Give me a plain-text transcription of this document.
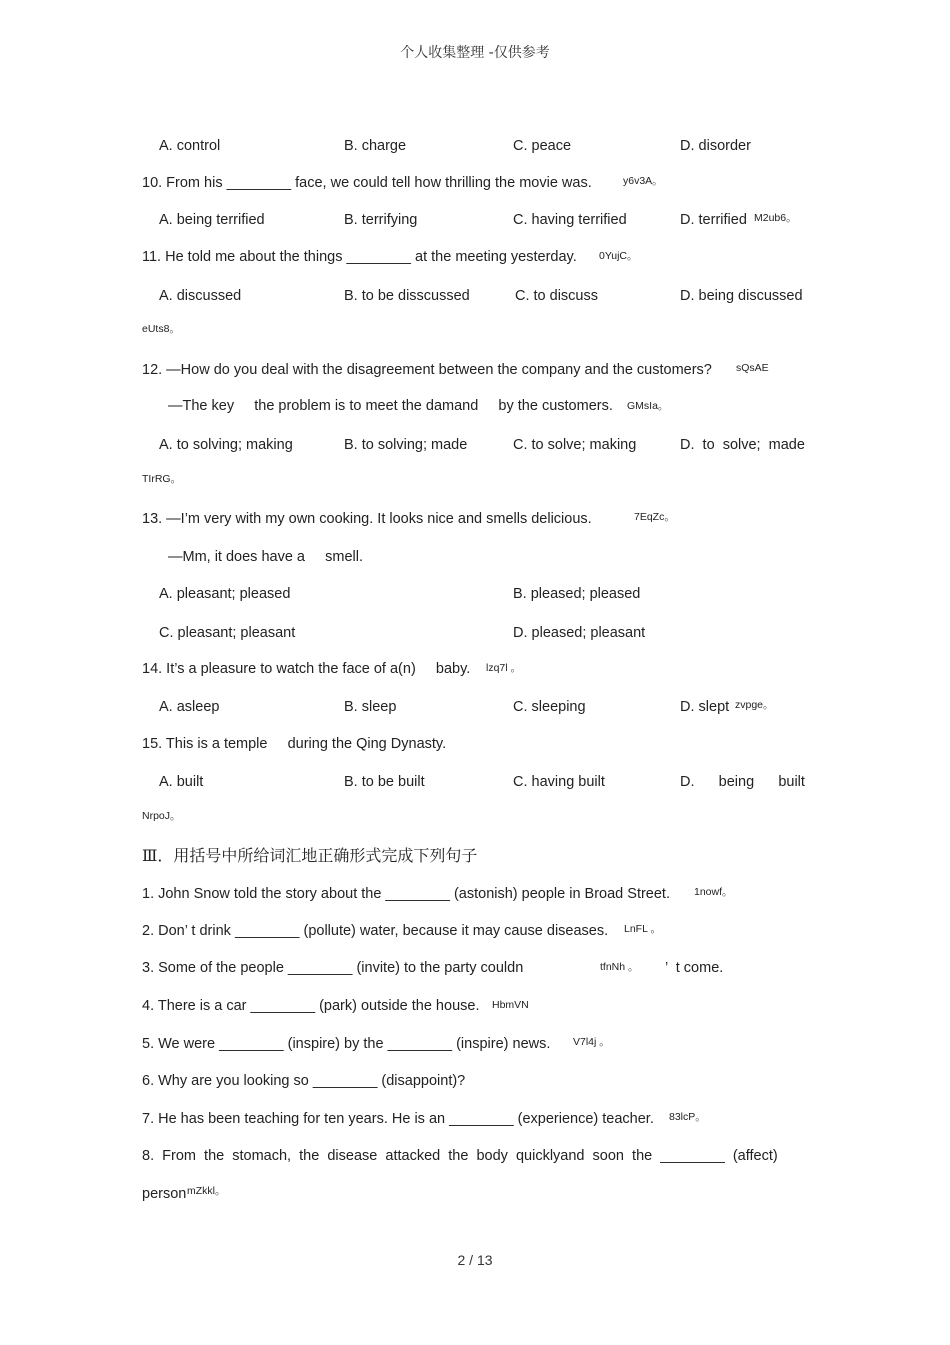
个人收集整理 -仅供参考
A. control	B. charge	C. peace	D. disorder
10. From his ________ face, we could tell how thrilling the movie was.	y6v3A。
A. being terrified	B. terrifying	C. having terrified	D. terrified M2ub6。
11. He told me about the things ________ at the meeting yesterday. 0YujC。
A. discussed	B. to be disscussed	C. to discuss	D. being discussed
eUts8。
12. —How do you deal with the disagreement between the company and the customers? sQsAE
—The key     the problem is to meet the damand     by the customers. GMsIa。
A. to solving; making	B. to solving; made	C. to solve; making	D.  to  solve;  made
TIrRG。
13. —I’m very with my own cooking. It looks nice and smells delicious.	7EqZc。
—Mm, it does have a     smell.
A. pleasant; pleased	B. pleased; pleased
C. pleasant; pleasant	D. pleased; pleasant
14. It’s a pleasure to watch the face of a(n)     baby. lzq7l 。
A. asleep	B. sleep	C. sleeping	D. slept zvpge。
15. This is a temple     during the Qing Dynasty.
A. built	B. to be built	C. having built	D.      being      built
NrpoJ。
Ⅲ．用括号中所给词汇地正确形式完成下列句子
1. John Snow told the story about the ________ (astonish) people in Broad Street. 1nowf。
2. Don’ t drink ________ (pollute) water, because it may cause diseases. LnFL 。
3. Some of the people ________ (invite) to the party couldn	tfnNh 。 ’  t come.
4. There is a car ________ (park) outside the house. HbmVN
5. We were ________ (inspire) by the ________ (inspire) news. V7l4j 。
6. Why are you looking so ________ (disappoint)?
7. He has been teaching for ten years. He is an ________ (experience) teacher. 83lcP。
8.  From  the  stomach,  the  disease  attacked  the  body  quicklyand  soon  the  ________  (affect)
person mZkkl。
2 / 13
